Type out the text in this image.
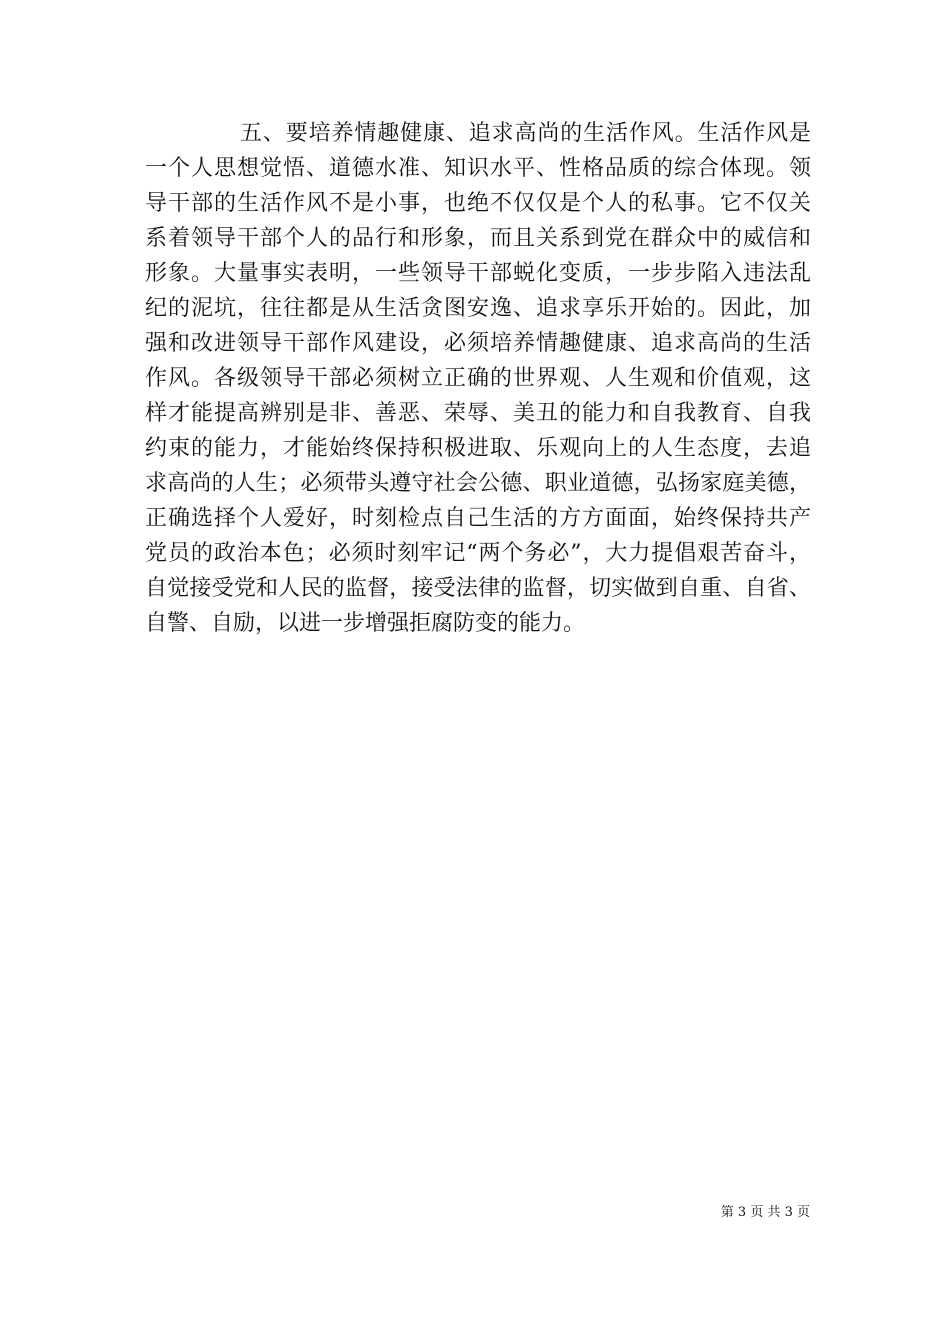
五、要培养情趣健康、追求高尚的生活作风。生活作风是
一个人思想觉悟、道德水准、知识水平、性格品质的综合体现。领
导干部的生活作风不是小事，也绝不仅仅是个人的私事。它不仅关
系着领导干部个人的品行和形象，而且关系到党在群众中的威信和
形象。大量事实表明，一些领导干部蜕化变质，一步步陷入违法乱
纪的泥坑，往往都是从生活贪图安逸、追求享乐开始的。因此，加
强和改进领导干部作风建设，必须培养情趣健康、追求高尚的生活
作风。各级领导干部必须树立正确的世界观、人生观和价值观，这
样才能提高辨别是非、善恶、荣辱、美丑的能力和自我教育、自我
约束的能力，才能始终保持积极进取、乐观向上的人生态度，去追
求高尚的人生；必须带头遵守社会公德、职业道德，弘扬家庭美德，
正确选择个人爱好，时刻检点自己生活的方方面面，始终保持共产
党员的政治本色；必须时刻牢记“两个务必”，大力提倡艰苦奋斗，
自觉接受党和人民的监督，接受法律的监督，切实做到自重、自省、
自警、自励，以进一步增强拒腐防变的能力。
第 3 页 共 3 页
